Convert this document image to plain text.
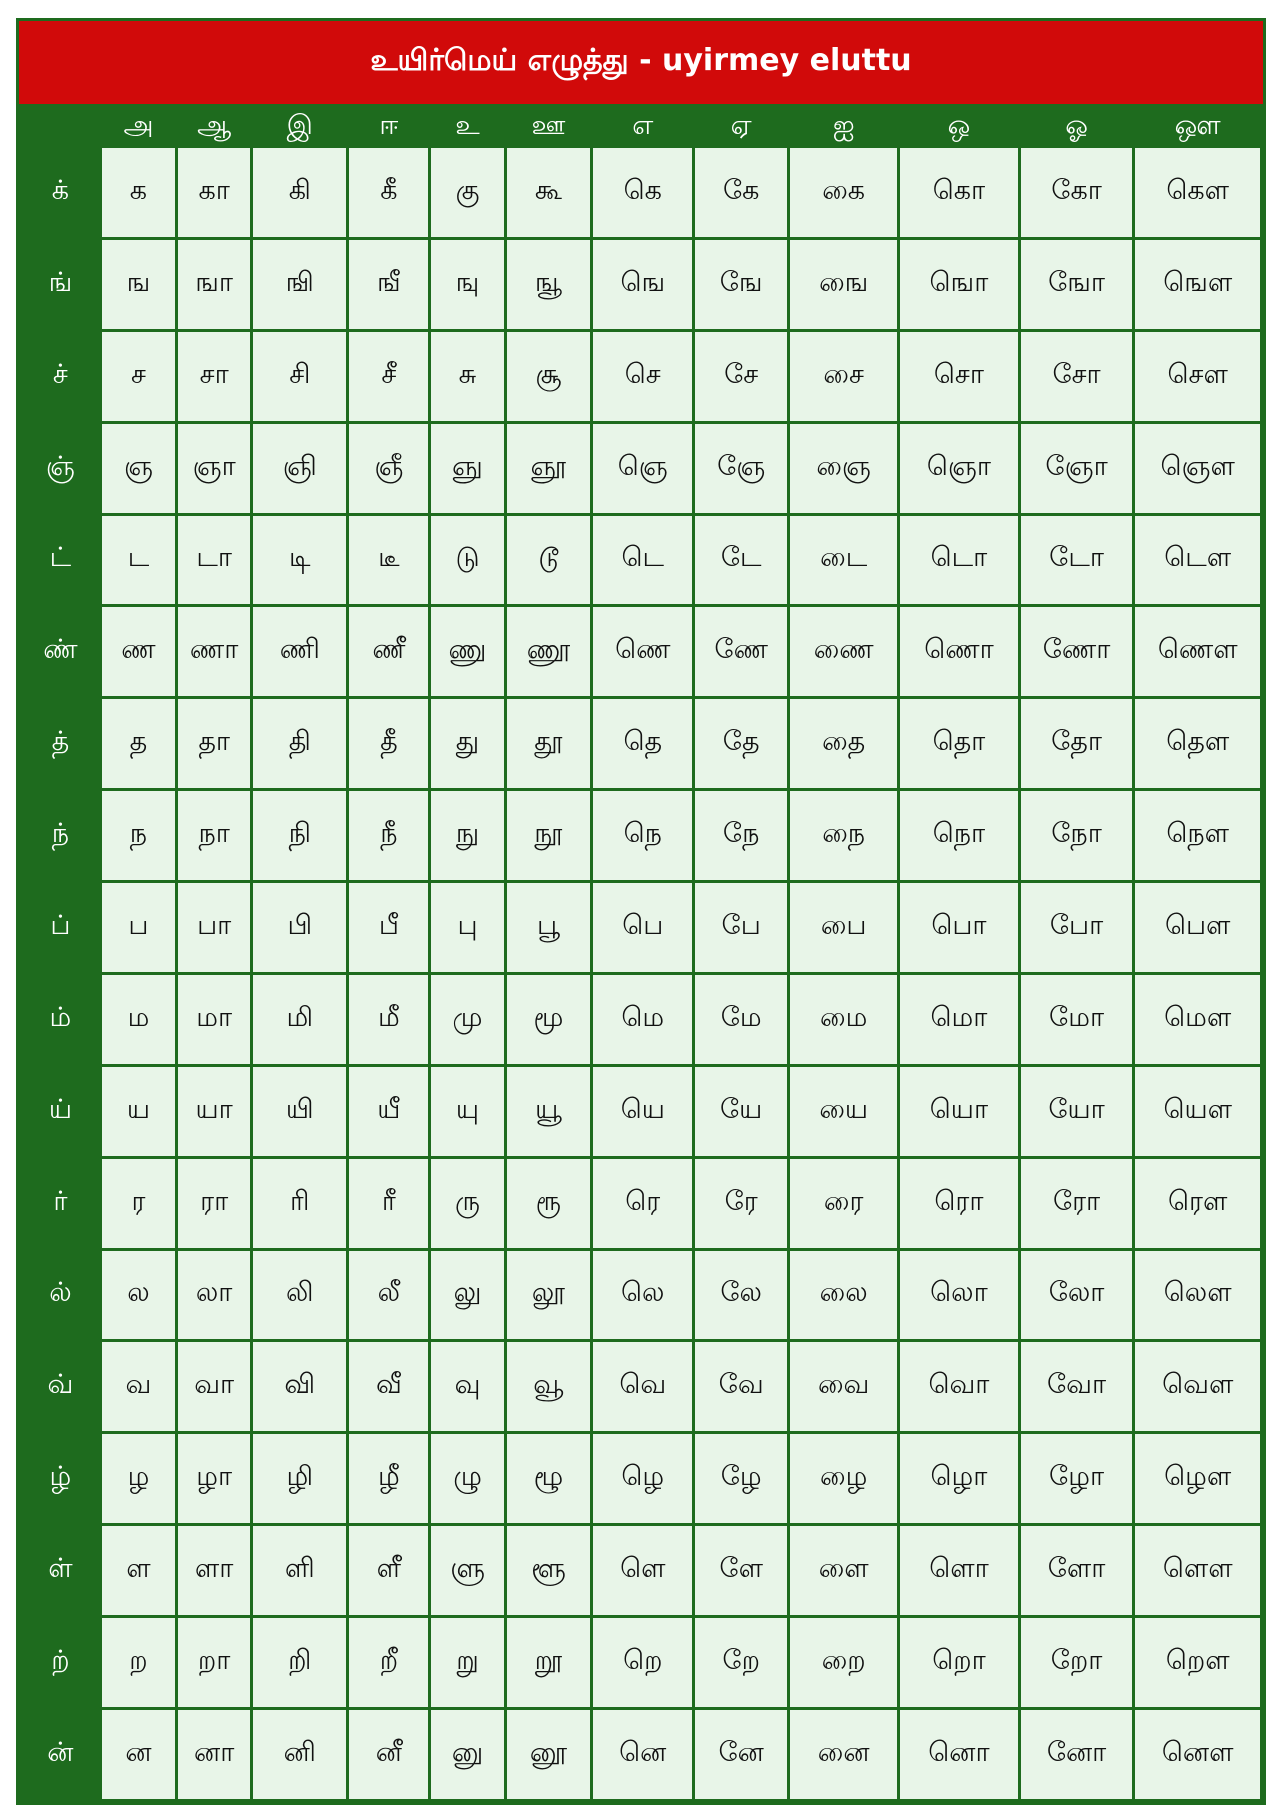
உயிர்மெய் எழுத்து - uyirmey eluttu
	அ	ஆ	இ	ஈ	உ	ஊ	எ	ஏ	ஐ	ஒ	ஓ	ஔ
க்	க	கா	கி	கீ	கு	கூ	கெ	கே	கை	கொ	கோ	கௌ
ங்	ங	ஙா	ஙி	ஙீ	ஙு	ஙூ	ஙெ	ஙே	ஙை	ஙொ	ஙோ	ஙௌ
ச்	ச	சா	சி	சீ	சு	சூ	செ	சே	சை	சொ	சோ	சௌ
ஞ்	ஞ	ஞா	ஞி	ஞீ	ஞு	ஞூ	ஞெ	ஞே	ஞை	ஞொ	ஞோ	ஞௌ
ட்	ட	டா	டி	டீ	டு	டூ	டெ	டே	டை	டொ	டோ	டௌ
ண்	ண	ணா	ணி	ணீ	ணு	ணூ	ணெ	ணே	ணை	ணொ	ணோ	ணௌ
த்	த	தா	தி	தீ	து	தூ	தெ	தே	தை	தொ	தோ	தௌ
ந்	ந	நா	நி	நீ	நு	நூ	நெ	நே	நை	நொ	நோ	நௌ
ப்	ப	பா	பி	பீ	பு	பூ	பெ	பே	பை	பொ	போ	பௌ
ம்	ம	மா	மி	மீ	மு	மூ	மெ	மே	மை	மொ	மோ	மௌ
ய்	ய	யா	யி	யீ	யு	யூ	யெ	யே	யை	யொ	யோ	யௌ
ர்	ர	ரா	ரி	ரீ	ரு	ரூ	ரெ	ரே	ரை	ரொ	ரோ	ரௌ
ல்	ல	லா	லி	லீ	லு	லூ	லெ	லே	லை	லொ	லோ	லௌ
வ்	வ	வா	வி	வீ	வு	வூ	வெ	வே	வை	வொ	வோ	வௌ
ழ்	ழ	ழா	ழி	ழீ	ழு	ழூ	ழெ	ழே	ழை	ழொ	ழோ	ழௌ
ள்	ள	ளா	ளி	ளீ	ளு	ளூ	ளெ	ளே	ளை	ளொ	ளோ	ளௌ
ற்	ற	றா	றி	றீ	று	றூ	றெ	றே	றை	றொ	றோ	றௌ
ன்	ன	னா	னி	னீ	னு	னூ	னெ	னே	னை	னொ	னோ	னௌ
